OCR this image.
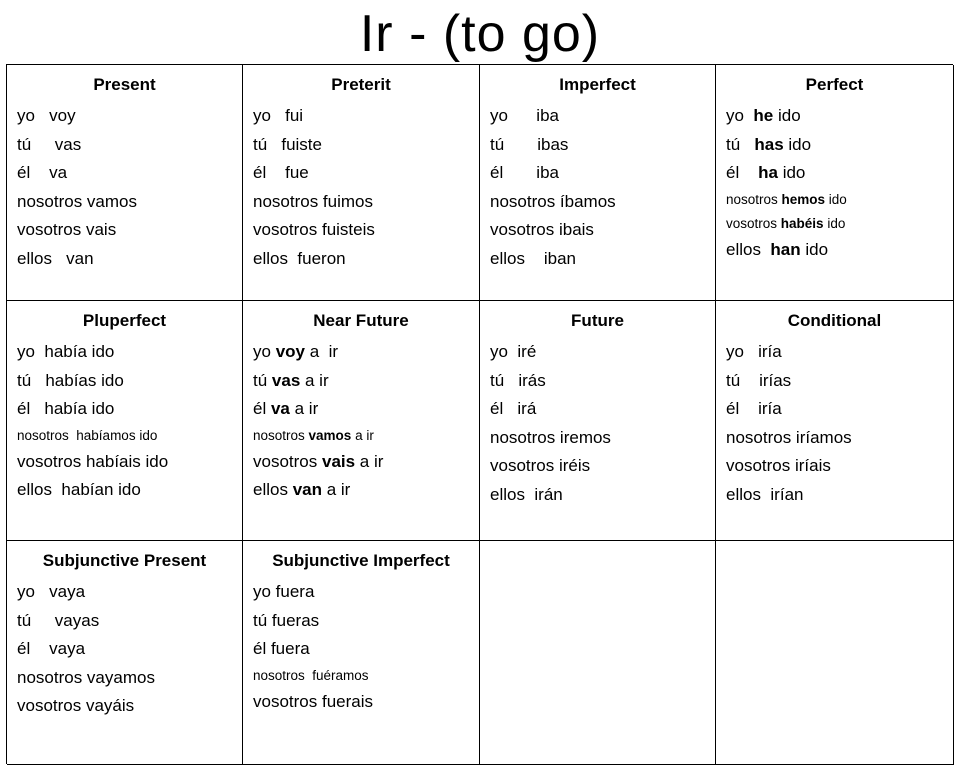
Ir - (to go)
Present
yo   voy
tú     vas
él    va
nosotros vamos
vosotros vais
ellos   van
Preterit
yo   fui
tú   fuiste
él    fue
nosotros fuimos
vosotros fuisteis
ellos  fueron
Imperfect
yo      iba
tú       ibas
él       iba
nosotros íbamos
vosotros ibais
ellos    iban
Perfect
yo  he ido
tú   has ido
él    ha ido
nosotros hemos ido
vosotros habéis ido
ellos  han ido
Pluperfect
yo  había ido
tú   habías ido
él   había ido
nosotros  habíamos ido
vosotros habíais ido
ellos  habían ido
Near Future
yo voy a  ir
tú vas a ir
él va a ir
nosotros vamos a ir
vosotros vais a ir
ellos van a ir
Future
yo  iré
tú   irás
él   irá
nosotros iremos
vosotros iréis
ellos  irán
Conditional
yo   iría
tú    irías
él    iría
nosotros iríamos
vosotros iríais
ellos  irían
Subjunctive Present
yo   vaya
tú     vayas
él    vaya
nosotros vayamos
vosotros vayáis
Subjunctive Imperfect
yo fuera
tú fueras
él fuera
nosotros  fuéramos
vosotros fuerais
